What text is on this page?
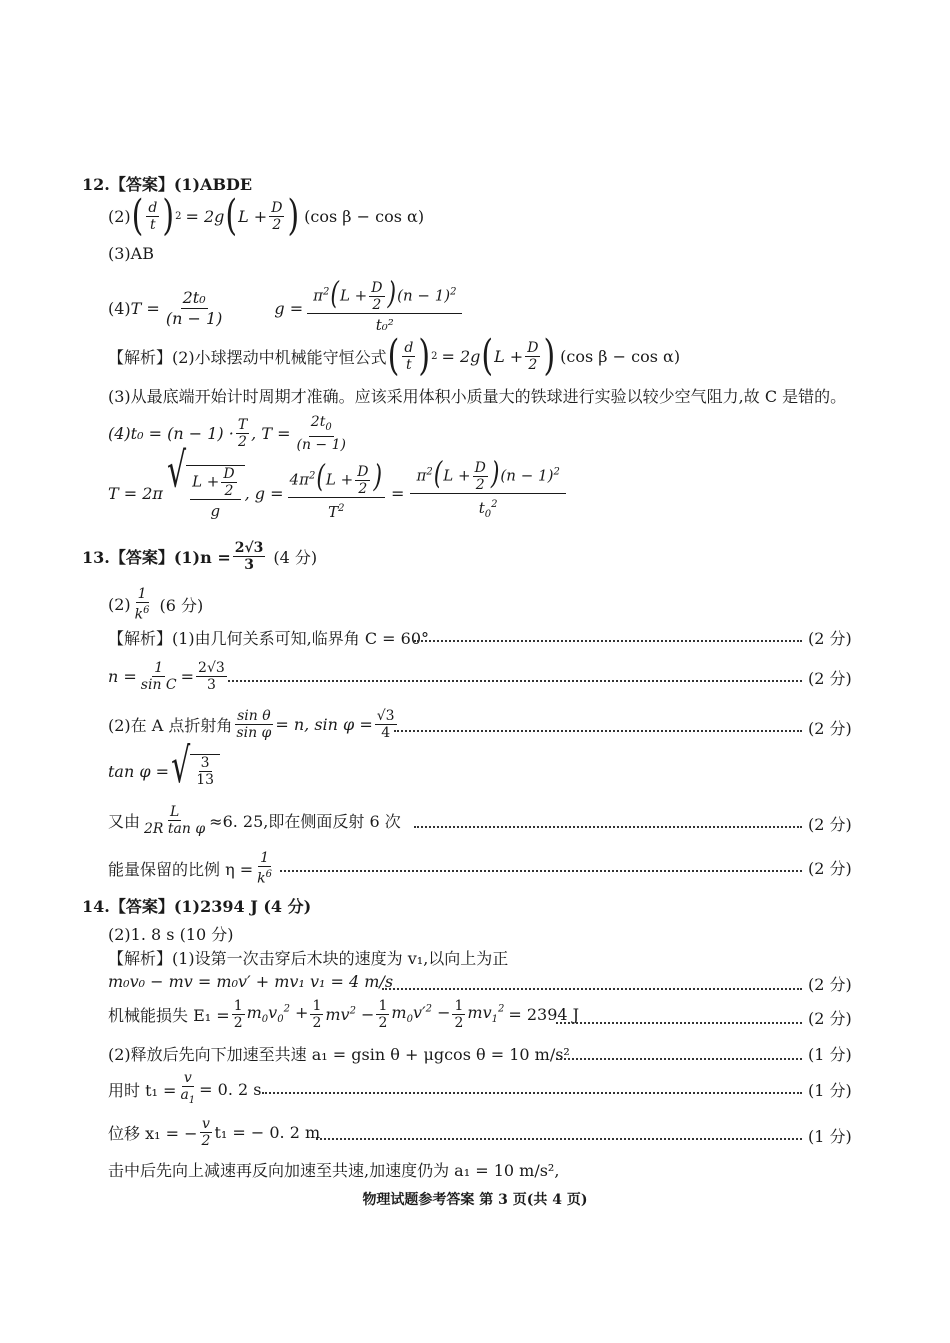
12.【答案】(1)ABDE
(2) ( $\frac{d}{t}$ ) 2 = 2g ( $L + \frac{D}{2}$ ) (cos β − cos α)
(3)AB
(4) $T = \frac{\text{2t₀}}{(n - 1)}$	$g = \frac{\pi^2(L + \frac{D}{2} )(n - 1)^2}{\text{t₀²}}$
【解析】(2)小球摆动中机械能守恒公式 ( $\frac{d}{t}$ ) 2 = 2g ( $L + \frac{D}{2}$ ) (cos β − cos α)
(3)从最底端开始计时周期才准确。应该采用体积小质量大的铁球进行实验以较少空气阻力,故 C 是错的。
$(4)t_0 = (n - 1) \cdot \frac{T}{2}$ , $T = \frac{2t_0}{(n - 1)}$
T = 2π √ $\frac{L + \frac{D}{2}}{g}$ , $g = \frac{4\pi^2(L + \frac{D}{2} )}{T^2} = \frac{\pi^2(L + \frac{D}{2} )(n - 1)^2}{t_0^2}$
13.【答案】$(1)n = \frac{2√3}{3} (4$ 分)
$(2) \frac{1}{k^6} (6$ 分)
【解析】(1)由几何关系可知,临界角 C = 60°	(2 分)
$n = \frac{1}{\text{sin C}} = \frac{2√3}{3}$	(2 分)
(2)在 A 点折射角 $\frac{\text{sin θ}}{\text{sin φ}} = n$, $\sin \varphi = \frac{√3}{4}$	(2 分)
tan φ = √ $\frac{3}{13}$
又由 $\frac{L}{\text{2R tan φ}} \approx 6$. 25,即在侧面反射 6 次	(2 分)
能量保留的比例 $\eta = \frac{1}{k^6}$	(2 分)
14.【答案】(1)2394 J (4 分)
(2)1. 8 s (10 分)
【解析】(1)设第一次击穿后木块的速度为 v₁,以向上为正
m₀v₀ − mv = m₀v′ + mv₁ v₁ = 4 m/s	(2 分)
机械能损失 $E_1 = \frac{1}{2} m_0v_0^2 + \frac{1}{2} mv^2 - \frac{1}{2} m_0v'^2 - \frac{1}{2} mv_1^2 = 2394$ J	(2 分)
(2)释放后先向下加速至共速 a₁ = gsin θ + μgcos θ = 10 m/s²	(1 分)
用时 $t_1 = \frac{v}{a_1} = 0$. 2 s	(1 分)
位移 x₁ = − $\frac{v}{2} t_1$ = − 0. 2 m	(1 分)
击中后先向上减速再反向加速至共速,加速度仍为 a₁ = 10 m/s²,
物理试题参考答案 第 3 页(共 4 页)
